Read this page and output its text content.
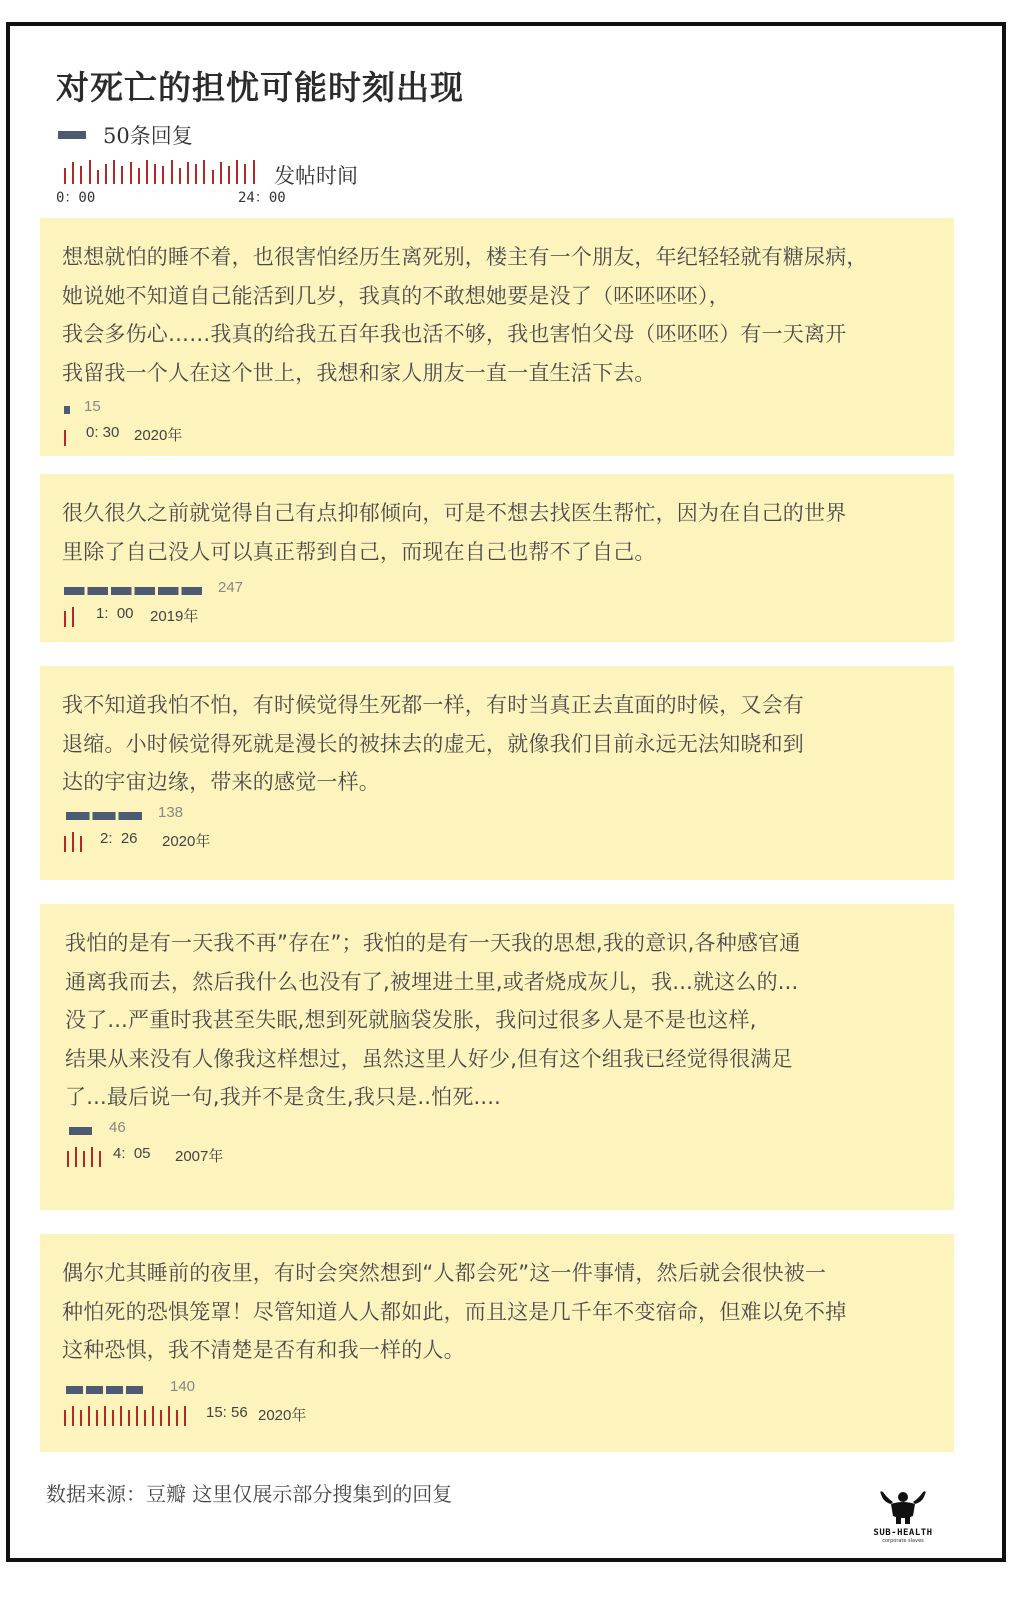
对死亡的担忧可能时刻出现
50条回复
发帖时间
0：00	24：00
想想就怕的睡不着，也很害怕经历生离死别，楼主有一个朋友，年纪轻轻就有糖尿病，
她说她不知道自己能活到几岁，我真的不敢想她要是没了（呸呸呸呸），
我会多伤心……我真的给我五百年我也活不够，我也害怕父母（呸呸呸）有一天离开
我留我一个人在这个世上，我想和家人朋友一直一直生活下去。
15
0: 30 2020年
很久很久之前就觉得自己有点抑郁倾向，可是不想去找医生帮忙，因为在自己的世界
里除了自己没人可以真正帮到自己，而现在自己也帮不了自己。
247
1:  00 2019年
我不知道我怕不怕，有时候觉得生死都一样，有时当真正去直面的时候，又会有
退缩。小时候觉得死就是漫长的被抹去的虚无，就像我们目前永远无法知晓和到
达的宇宙边缘，带来的感觉一样。
138
2:  26 2020年
我怕的是有一天我不再”存在”；我怕的是有一天我的思想,我的意识,各种感官通
通离我而去，然后我什么也没有了,被埋进土里,或者烧成灰儿，我...就这么的...
没了...严重时我甚至失眠,想到死就脑袋发胀，我问过很多人是不是也这样,
结果从来没有人像我这样想过，虽然这里人好少,但有这个组我已经觉得很满足
了...最后说一句,我并不是贪生,我只是..怕死....
46
4:  05 2007年
偶尔尤其睡前的夜里，有时会突然想到“人都会死”这一件事情，然后就会很快被一
种怕死的恐惧笼罩！尽管知道人人都如此，而且这是几千年不变宿命，但难以免不掉
这种恐惧，我不清楚是否有和我一样的人。
140
15: 56 2020年
数据来源：豆瓣 这里仅展示部分搜集到的回复
SUB-HEALTH
corporate slaves
